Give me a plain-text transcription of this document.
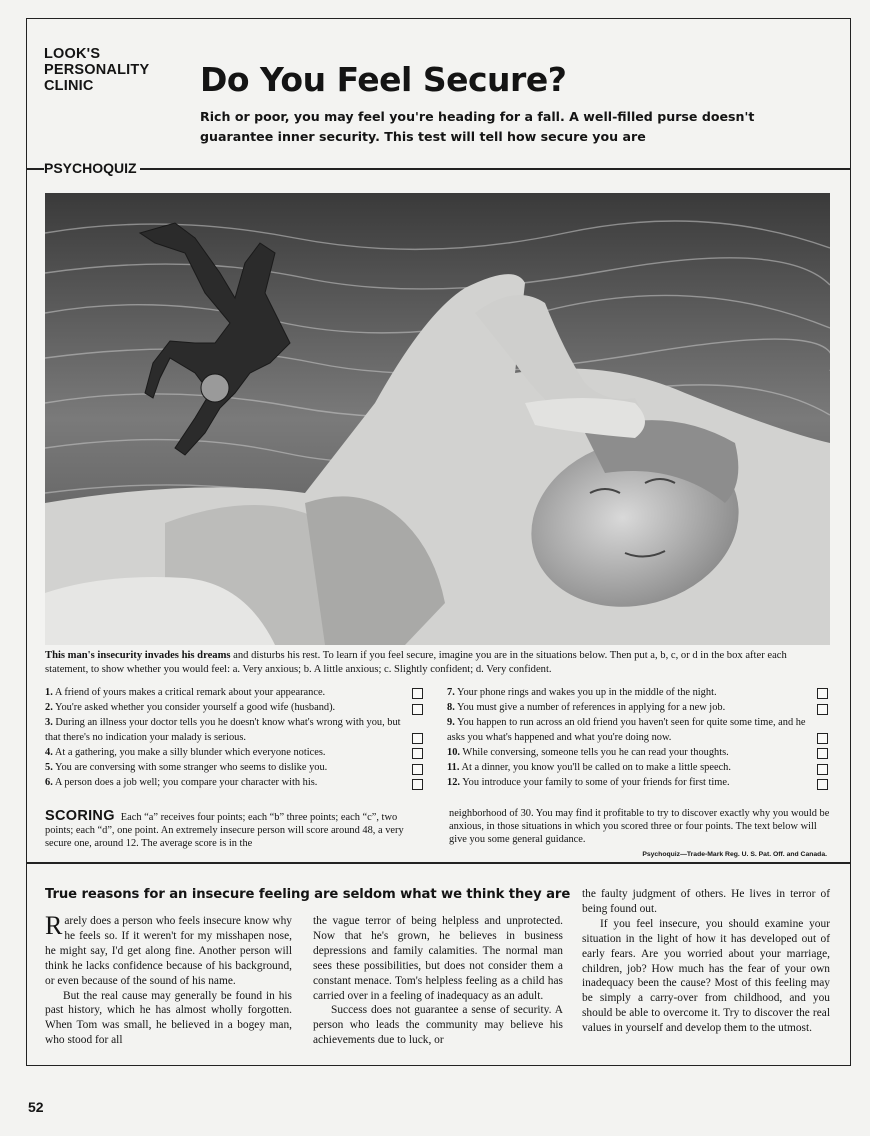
LOOK'S
PERSONALITY
CLINIC	Do You Feel Secure?

Rich or poor, you may feel you're heading for a fall. A well-filled purse doesn't guarantee inner security. This test will tell how secure you are

PSYCHOQUIZ

This man's insecurity invades his dreams and disturbs his rest. To learn if you feel secure, imagine you are in the situations below. Then put a, b, c, or d in the box after each statement, to show whether you would feel: a. Very anxious; b. A little anxious; c. Slightly confident; d. Very confident.

1. A friend of yours makes a critical remark about your appearance.
2. You're asked whether you consider yourself a good wife (husband).
3. During an illness your doctor tells you he doesn't know what's wrong with you, but that there's no indication your malady is serious.
4. At a gathering, you make a silly blunder which everyone notices.
5. You are conversing with some stranger who seems to dislike you.
6. A person does a job well; you compare your character with his.
7. Your phone rings and wakes you up in the middle of the night.
8. You must give a number of references in applying for a new job.
9. You happen to run across an old friend you haven't seen for quite some time, and he asks you what's happened and what you're doing now.
10. While conversing, someone tells you he can read your thoughts.
11. At a dinner, you know you'll be called on to make a little speech.
12. You introduce your family to some of your friends for first time.

SCORING Each “a” receives four points; each “b” three points; each “c”, two points; each “d”, one point. An extremely insecure person will score around 48, a very secure one, around 12. The average score is in the

neighborhood of 30. You may find it profitable to try to discover exactly why you would be anxious, in those situations in which you scored three or four points. The text below will give you some general guidance.

Psychoquiz—Trade-Mark Reg. U. S. Pat. Off. and Canada.
True reasons for an insecure feeling are seldom what we think they are

Rarely does a person who feels insecure know why he feels so. If it weren't for my misshapen nose, he might say, I'd get along fine. Another person will think he lacks confidence because of his background, or even because of the sound of his name.

But the real cause may generally be found in his past history, which he has almost wholly forgotten. When Tom was small, he believed in a bogey man, who stood for all

the vague terror of being helpless and unprotected. Now that he's grown, he believes in business depressions and family calamities. The normal man sees these possibilities, but does not consider them a constant menace. Tom's helpless feeling as a child has carried over in a feeling of inadequacy as an adult.

Success does not guarantee a sense of security. A person who leads the community may believe his achievements due to luck, or

the faulty judgment of others. He lives in terror of being found out.

If you feel insecure, you should examine your situation in the light of how it has developed out of early fears. Are you worried about your marriage, children, job? How much has the fear of your own inadequacy been the cause? Most of this feeling may be simply a carry-over from childhood, and you should be able to overcome it. Try to discover the real values in yourself and develop them to the utmost.

52
